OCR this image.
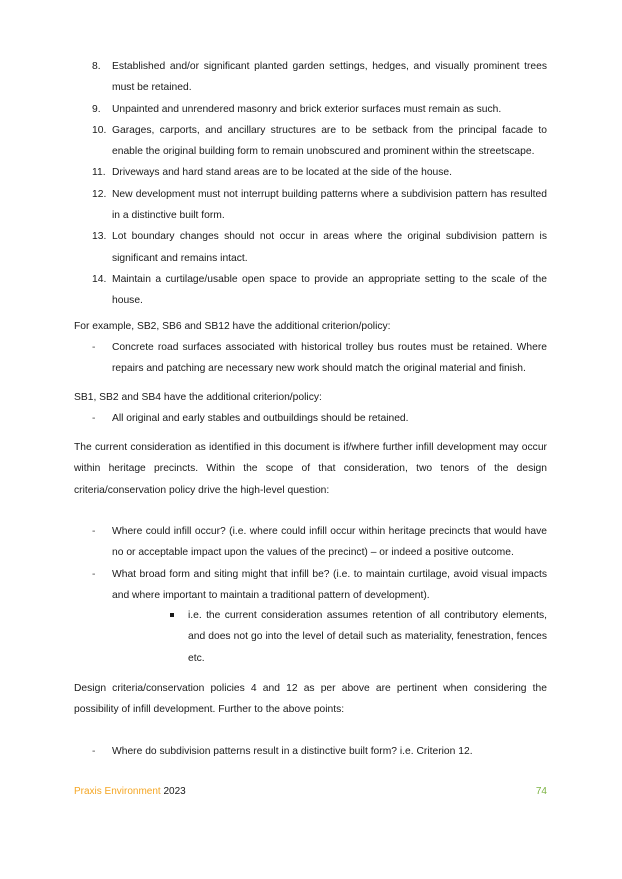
8. Established and/or significant planted garden settings, hedges, and visually prominent trees must be retained.
9. Unpainted and unrendered masonry and brick exterior surfaces must remain as such.
10. Garages, carports, and ancillary structures are to be setback from the principal facade to enable the original building form to remain unobscured and prominent within the streetscape.
11. Driveways and hard stand areas are to be located at the side of the house.
12. New development must not interrupt building patterns where a subdivision pattern has resulted in a distinctive built form.
13. Lot boundary changes should not occur in areas where the original subdivision pattern is significant and remains intact.
14. Maintain a curtilage/usable open space to provide an appropriate setting to the scale of the house.

For example, SB2, SB6 and SB12 have the additional criterion/policy:

- Concrete road surfaces associated with historical trolley bus routes must be retained. Where repairs and patching are necessary new work should match the original material and finish.

SB1, SB2 and SB4 have the additional criterion/policy:

- All original and early stables and outbuildings should be retained.

The current consideration as identified in this document is if/where further infill development may occur within heritage precincts. Within the scope of that consideration, two tenors of the design criteria/conservation policy drive the high-level question:

- Where could infill occur? (i.e. where could infill occur within heritage precincts that would have no or acceptable impact upon the values of the precinct) – or indeed a positive outcome.
- What broad form and siting might that infill be? (i.e. to maintain curtilage, avoid visual impacts and where important to maintain a traditional pattern of development).
i.e. the current consideration assumes retention of all contributory elements, and does not go into the level of detail such as materiality, fenestration, fences etc.

Design criteria/conservation policies 4 and 12 as per above are pertinent when considering the possibility of infill development. Further to the above points:

- Where do subdivision patterns result in a distinctive built form? i.e. Criterion 12.
Praxis Environment 2023	74
